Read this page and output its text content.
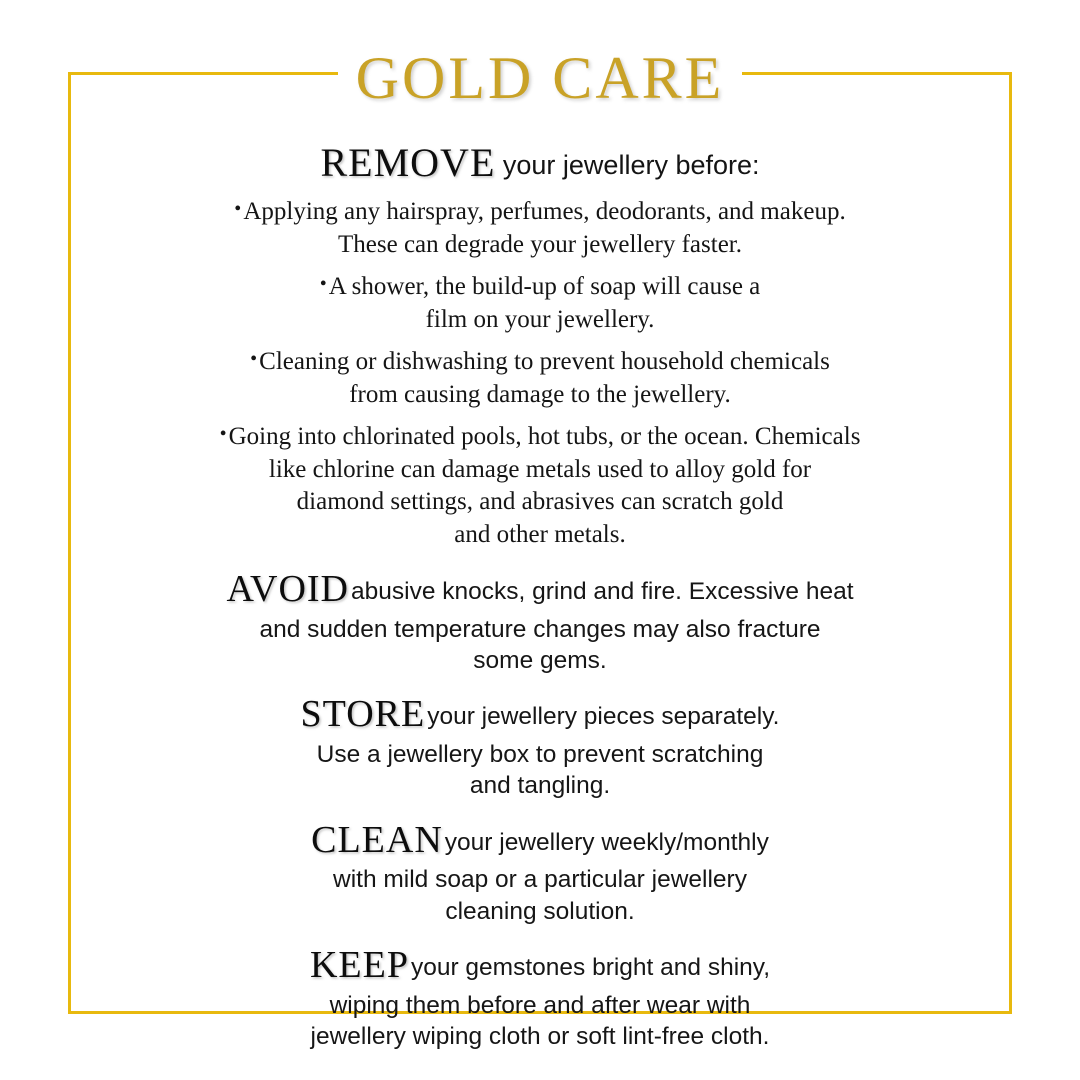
GOLD CARE
REMOVE your jewellery before:
•Applying any hairspray, perfumes, deodorants, and makeup.
These can degrade your jewellery faster.
•A shower, the build-up of soap will cause a
film on your jewellery.
•Cleaning or dishwashing to prevent household chemicals
from causing damage to the jewellery.
•Going into chlorinated pools, hot tubs, or the ocean. Chemicals
like chlorine can damage metals used to alloy gold for
diamond settings, and abrasives can scratch gold
and other metals.
AVOIDabusive knocks, grind and fire. Excessive heat
and sudden temperature changes may also fracture
some gems.
STOREyour jewellery pieces separately.
Use a jewellery box to prevent scratching
and tangling.
CLEANyour jewellery weekly/monthly
with mild soap or a particular jewellery
cleaning solution.
KEEPyour gemstones bright and shiny,
wiping them before and after wear with
jewellery wiping cloth or soft lint-free cloth.
